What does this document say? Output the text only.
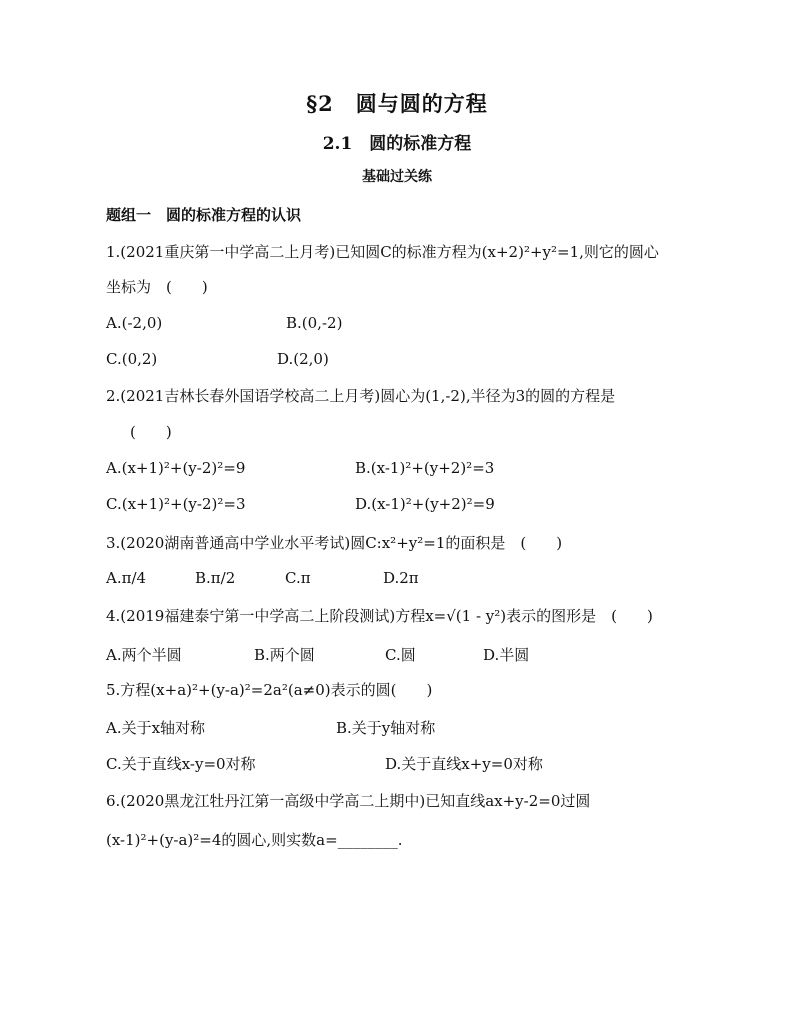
§2　圆与圆的方程
2.1　圆的标准方程
基础过关练
题组一　圆的标准方程的认识
1.(2021重庆第一中学高二上月考)已知圆C的标准方程为(x+2)²+y²=1,则它的圆心
坐标为　(　　)
A.(-2,0)	B.(0,-2)
C.(0,2)	D.(2,0)
2.(2021吉林长春外国语学校高二上月考)圆心为(1,-2),半径为3的圆的方程是
(　　)
A.(x+1)²+(y-2)²=9	B.(x-1)²+(y+2)²=3
C.(x+1)²+(y-2)²=3	D.(x-1)²+(y+2)²=9
3.(2020湖南普通高中学业水平考试)圆C:x²+y²=1的面积是　(　　)
A.π/4	B.π/2	C.π	D.2π
4.(2019福建泰宁第一中学高二上阶段测试)方程x=√(1 - y²)表示的图形是　(　　)
A.两个半圆	B.两个圆	C.圆	D.半圆
5.方程(x+a)²+(y-a)²=2a²(a≠0)表示的圆(　　)
A.关于x轴对称	B.关于y轴对称
C.关于直线x-y=0对称	D.关于直线x+y=0对称
6.(2020黑龙江牡丹江第一高级中学高二上期中)已知直线ax+y-2=0过圆
(x-1)²+(y-a)²=4的圆心,则实数a=________.
